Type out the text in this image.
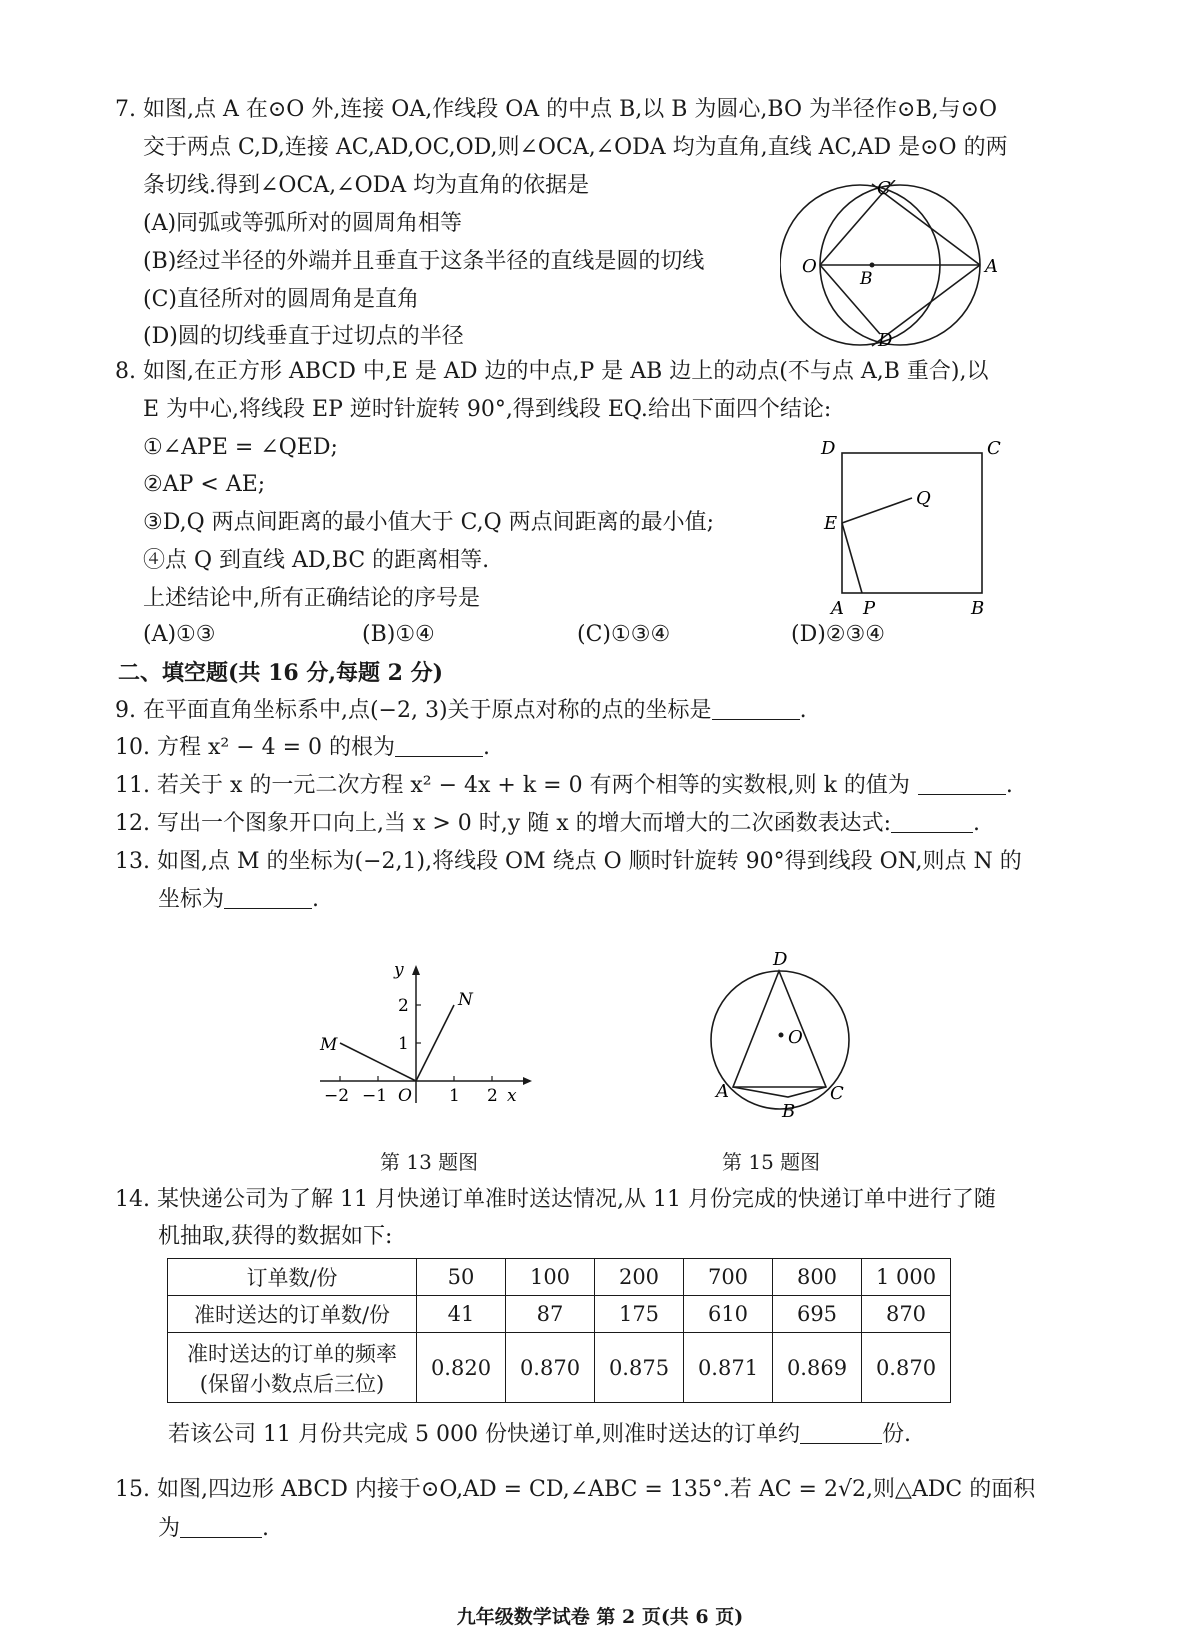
7. 如图,点 A 在⊙O 外,连接 OA,作线段 OA 的中点 B,以 B 为圆心,BO 为半径作⊙B,与⊙O
交于两点 C,D,连接 AC,AD,OC,OD,则∠OCA,∠ODA 均为直角,直线 AC,AD 是⊙O 的两
条切线.得到∠OCA,∠ODA 均为直角的依据是
(A)同弧或等弧所对的圆周角相等
(B)经过半径的外端并且垂直于这条半径的直线是圆的切线
(C)直径所对的圆周角是直角
(D)圆的切线垂直于过切点的半径
C
O
B
A
D
8. 如图,在正方形 ABCD 中,E 是 AD 边的中点,P 是 AB 边上的动点(不与点 A,B 重合),以
E 为中心,将线段 EP 逆时针旋转 90°,得到线段 EQ.给出下面四个结论:
①∠APE = ∠QED;
②AP < AE;
③D,Q 两点间距离的最小值大于 C,Q 两点间距离的最小值;
④点 Q 到直线 AD,BC 的距离相等.
上述结论中,所有正确结论的序号是
(A)①③	(B)①④	(C)①③④	(D)②③④
D	C
Q
E
A P	B
二、填空题(共 16 分,每题 2 分)
9. 在平面直角坐标系中,点(−2, 3)关于原点对称的点的坐标是	.
10. 方程 x² − 4 = 0 的根为	.
11. 若关于 x 的一元二次方程 x² − 4x + k = 0 有两个相等的实数根,则 k 的值为	.
12. 写出一个图象开口向上,当 x > 0 时,y 随 x 的增大而增大的二次函数表达式:	.
13. 如图,点 M 的坐标为(−2,1),将线段 OM 绕点 O 顺时针旋转 90°得到线段 ON,则点 N 的
坐标为	.
y
x
2
1
−2 −1 O 1 2
M
N
第 13 题图
D
O
A
B
C
第 15 题图
14. 某快递公司为了解 11 月快递订单准时送达情况,从 11 月份完成的快递订单中进行了随
机抽取,获得的数据如下:
订单数/份	50	100	200	700	800	1 000
准时送达的订单数/份	41	87	175	610	695	870

准时送达的订单的频率
(保留小数点后三位)	0.820	0.870	0.875	0.871	0.869	0.870
若该公司 11 月份共完成 5 000 份快递订单,则准时送达的订单约	份.
15. 如图,四边形 ABCD 内接于⊙O,AD = CD,∠ABC = 135°.若 AC = 2√2,则△ADC 的面积
为	.
九年级数学试卷 第 2 页(共 6 页)
